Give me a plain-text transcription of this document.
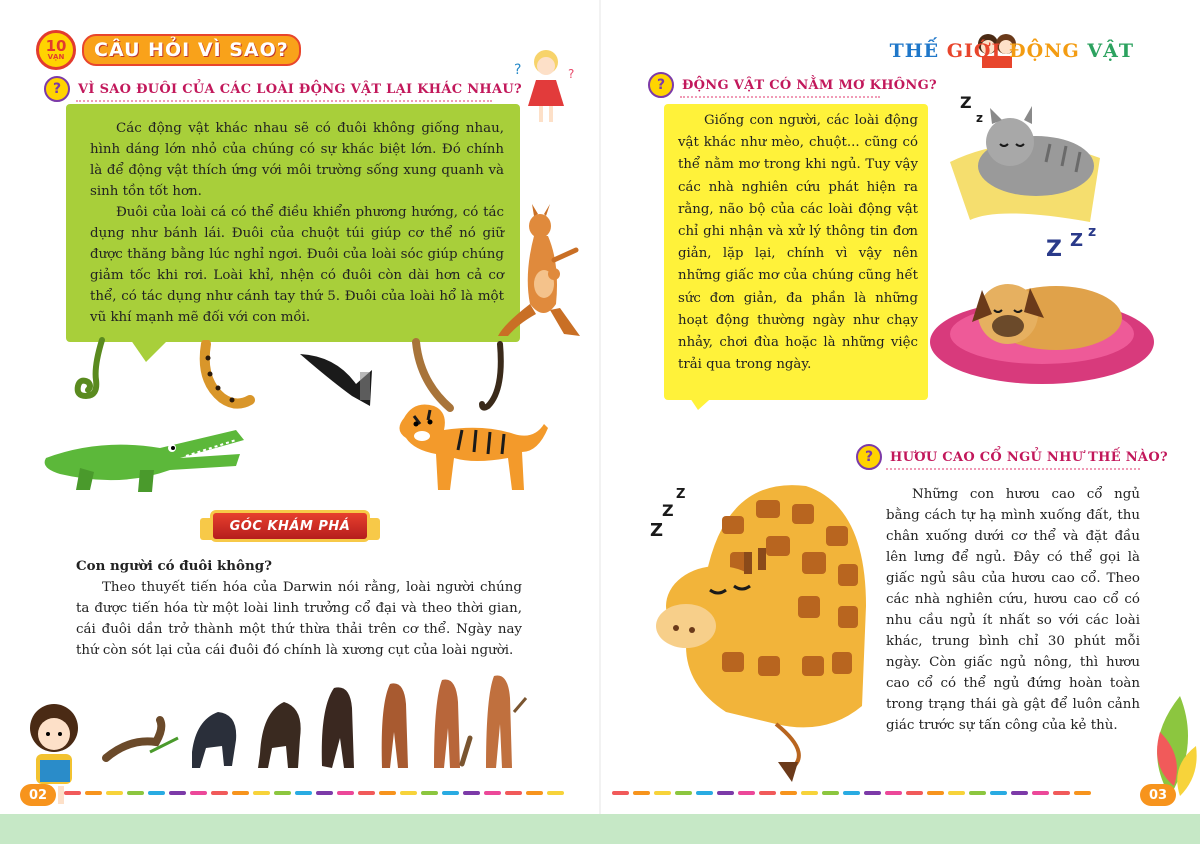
10
VẠN	CÂU HỎI VÌ SAO?
?	?
?	VÌ SAO ĐUÔI CỦA CÁC LOÀI ĐỘNG VẬT LẠI KHÁC NHAU?

Các động vật khác nhau sẽ có đuôi không giống nhau, hình dáng lớn nhỏ của chúng có sự khác biệt lớn. Đó chính là để động vật thích ứng với môi trường sống xung quanh và sinh tồn tốt hơn.

Đuôi của loài cá có thể điều khiển phương hướng, có tác dụng như bánh lái. Đuôi của chuột túi giúp cơ thể nó giữ được thăng bằng lúc nghỉ ngơi. Đuôi của loài sóc giúp chúng giảm tốc khi rơi. Loài khỉ, nhện có đuôi còn dài hơn cả cơ thể, có tác dụng như cánh tay thứ 5. Đuôi của loài hổ là một vũ khí mạnh mẽ đối với con mồi.

GÓC KHÁM PHÁ

Con người có đuôi không?

Theo thuyết tiến hóa của Darwin nói rằng, loài người chúng ta được tiến hóa từ một loài linh trưởng cổ đại và theo thời gian, cái đuôi dần trở thành một thứ thừa thải trên cơ thể. Ngày nay thứ còn sót lại của cái đuôi đó chính là xương cụt của loài người.

THẾ GIỚI ĐỘNG VẬT
?	ĐỘNG VẬT CÓ NẰM MƠ KHÔNG?

Giống con người, các loài động vật khác như mèo, chuột... cũng có thể nằm mơ trong khi ngủ. Tuy vậy các nhà nghiên cứu phát hiện ra rằng, não bộ của các loài động vật chỉ ghi nhận và xử lý thông tin đơn giản, lặp lại, chính vì vậy nên những giấc mơ của chúng cũng hết sức đơn giản, đa phần là những hoạt động thường ngày như chạy nhảy, chơi đùa hoặc là những việc trải qua trong ngày.

Z
z
Z Z z
?	HƯƠU CAO CỔ NGỦ NHƯ THẾ NÀO?

Những con hươu cao cổ ngủ bằng cách tự hạ mình xuống đất, thu chân xuống dưới cơ thể và đặt đầu lên lưng để ngủ. Đây có thể gọi là giấc ngủ sâu của hươu cao cổ. Theo các nhà nghiên cứu, hươu cao cổ có nhu cầu ngủ ít nhất so với các loài khác, trung bình chỉ 30 phút mỗi ngày. Còn giấc ngủ nông, thì hươu cao cổ có thể ngủ đứng hoàn toàn trong trạng thái gà gật để luôn cảnh giác trước sự tấn công của kẻ thù.

Z
Z
Z
02	03
